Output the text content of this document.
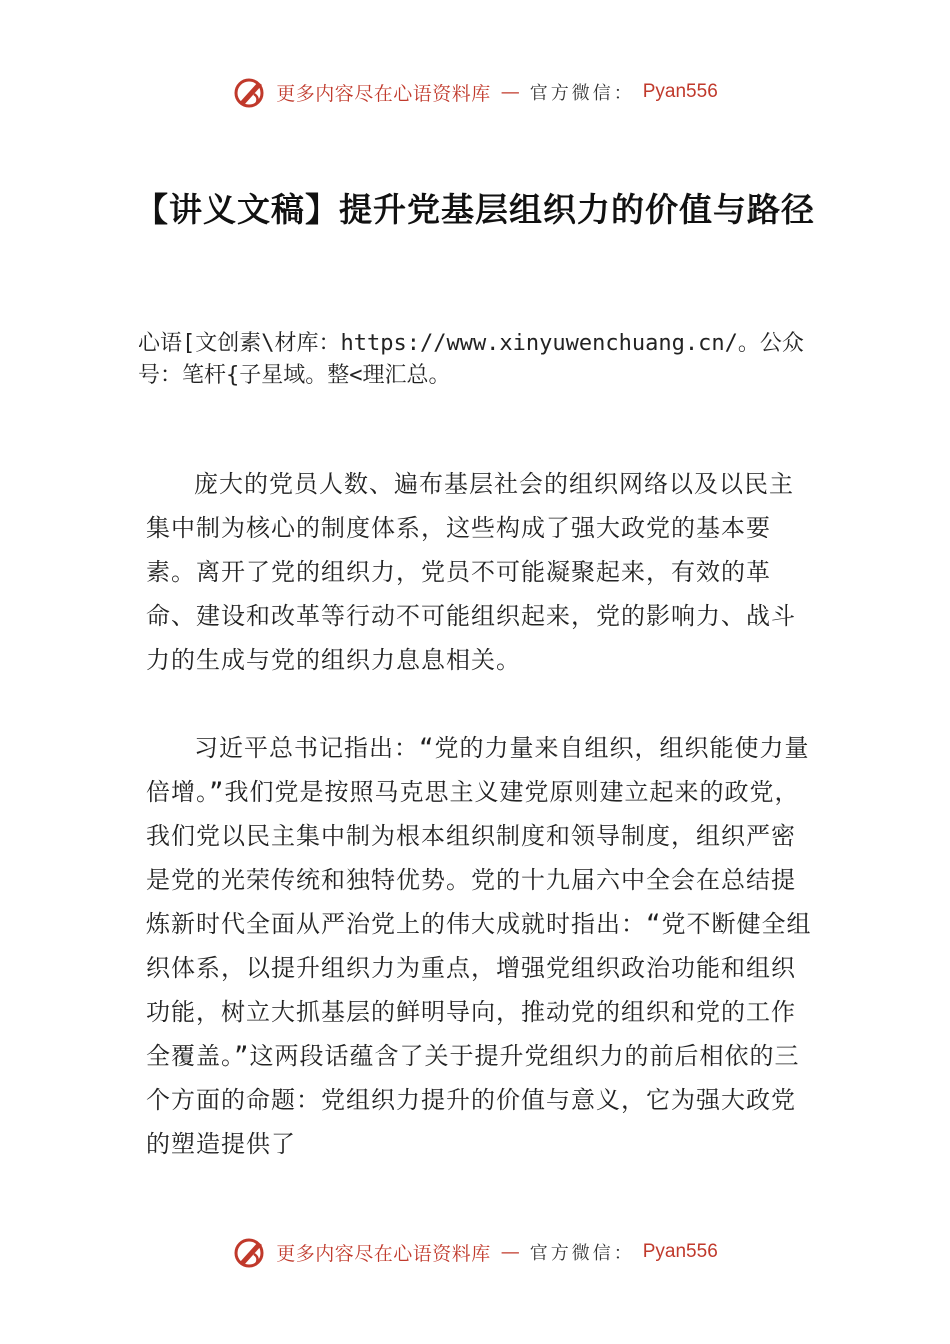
更多内容尽在心语资料库 — 官方微信： Pyan556
【讲义文稿】提升党基层组织力的价值与路径
心语[文创素\材库：https://www.xinyuwenchuang.cn/。公众号：笔杆{子星域。整<理汇总。

庞大的党员人数、遍布基层社会的组织网络以及以民主集中制为核心的制度体系，这些构成了强大政党的基本要素。离开了党的组织力，党员不可能凝聚起来，有效的革命、建设和改革等行动不可能组织起来，党的影响力、战斗力的生成与党的组织力息息相关。

习近平总书记指出：“党的力量来自组织，组织能使力量倍增。”我们党是按照马克思主义建党原则建立起来的政党，我们党以民主集中制为根本组织制度和领导制度，组织严密是党的光荣传统和独特优势。党的十九届六中全会在总结提炼新时代全面从严治党上的伟大成就时指出：“党不断健全组织体系，以提升组织力为重点，增强党组织政治功能和组织功能，树立大抓基层的鲜明导向，推动党的组织和党的工作全覆盖。”这两段话蕴含了关于提升党组织力的前后相依的三个方面的命题：党组织力提升的价值与意义，它为强大政党的塑造提供了

更多内容尽在心语资料库 — 官方微信： Pyan556
